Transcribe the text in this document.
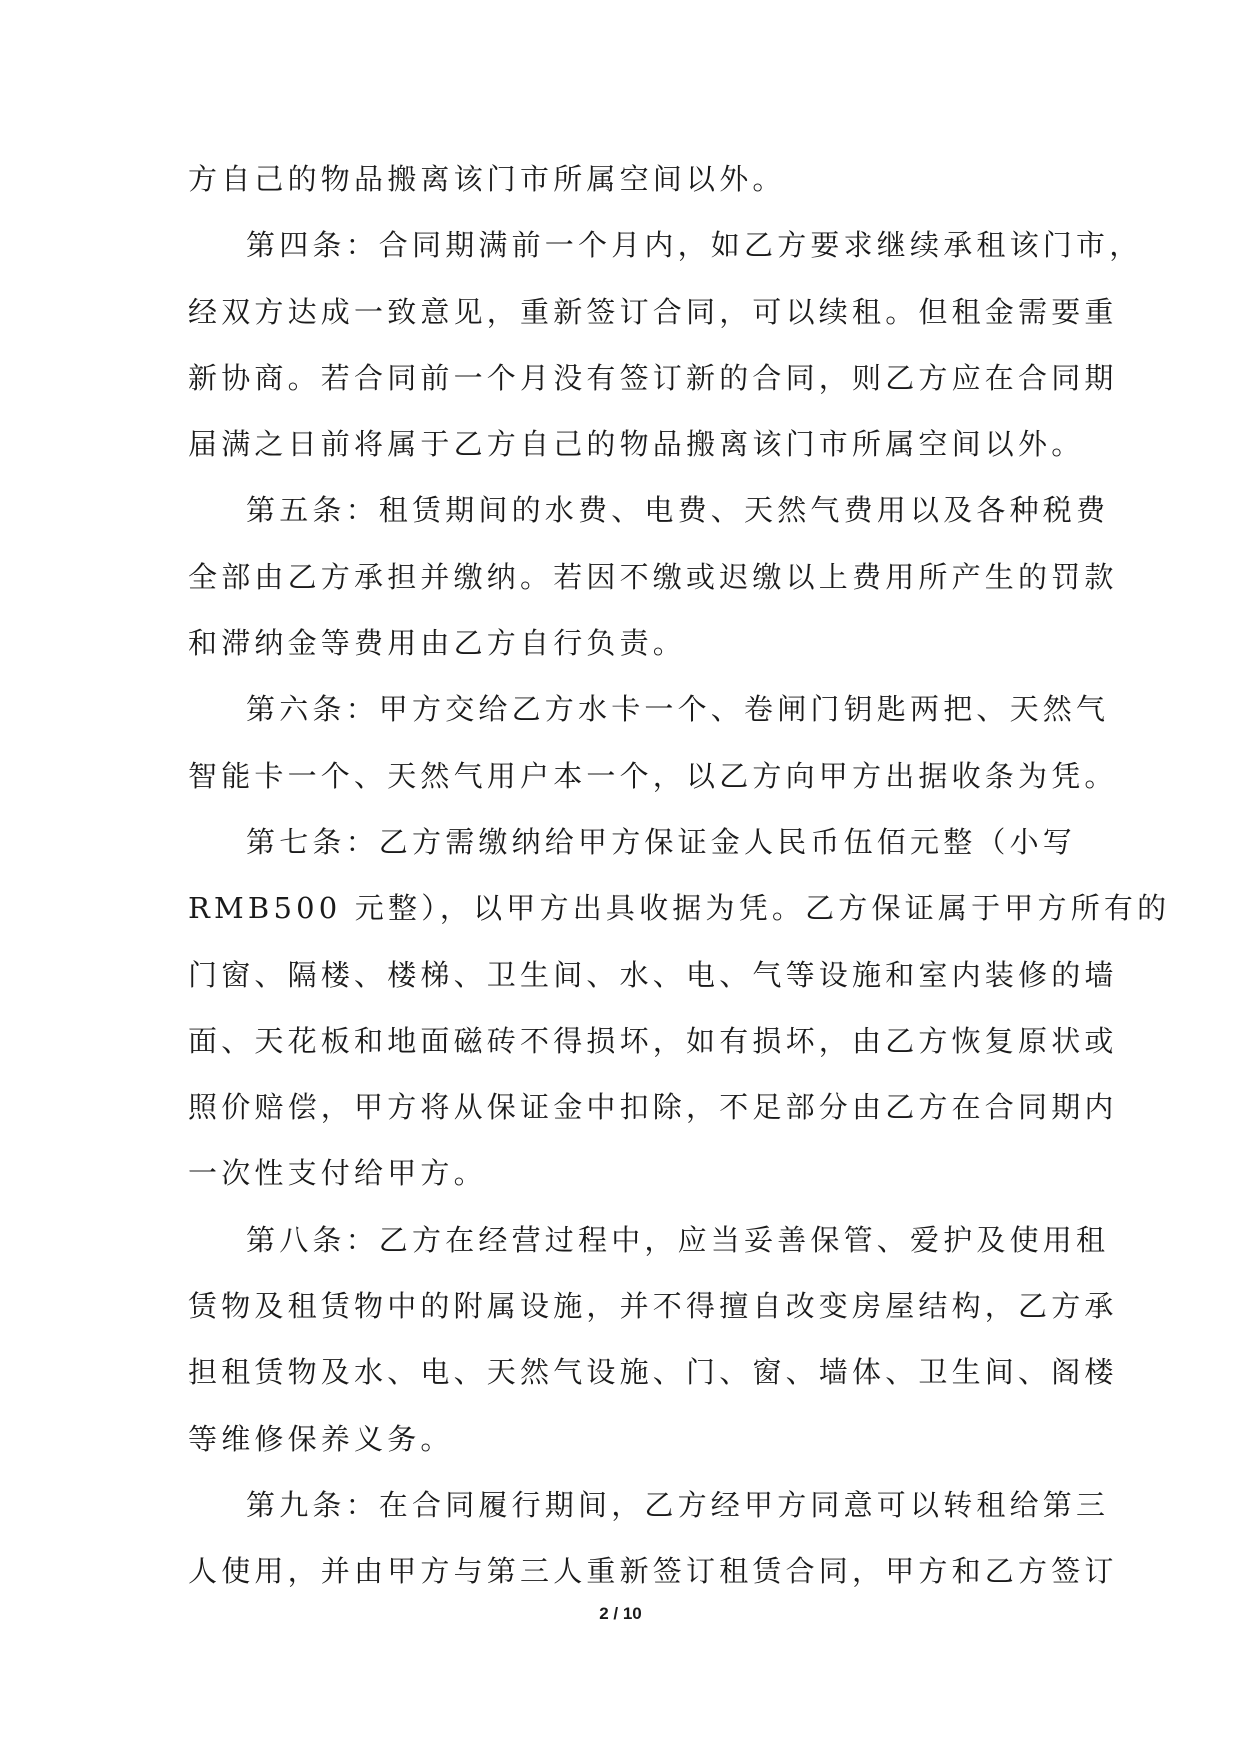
方自己的物品搬离该门市所属空间以外。
第四条：合同期满前一个月内，如乙方要求继续承租该门市，
经双方达成一致意见，重新签订合同，可以续租。但租金需要重
新协商。若合同前一个月没有签订新的合同，则乙方应在合同期
届满之日前将属于乙方自己的物品搬离该门市所属空间以外。
第五条：租赁期间的水费、电费、天然气费用以及各种税费
全部由乙方承担并缴纳。若因不缴或迟缴以上费用所产生的罚款
和滞纳金等费用由乙方自行负责。
第六条：甲方交给乙方水卡一个、卷闸门钥匙两把、天然气
智能卡一个、天然气用户本一个，以乙方向甲方出据收条为凭。
第七条：乙方需缴纳给甲方保证金人民币伍佰元整（小写
RMB500 元整），以甲方出具收据为凭。乙方保证属于甲方所有的
门窗、隔楼、楼梯、卫生间、水、电、气等设施和室内装修的墙
面、天花板和地面磁砖不得损坏，如有损坏，由乙方恢复原状或
照价赔偿，甲方将从保证金中扣除，不足部分由乙方在合同期内
一次性支付给甲方。
第八条：乙方在经营过程中，应当妥善保管、爱护及使用租
赁物及租赁物中的附属设施，并不得擅自改变房屋结构，乙方承
担租赁物及水、电、天然气设施、门、窗、墙体、卫生间、阁楼
等维修保养义务。
第九条：在合同履行期间，乙方经甲方同意可以转租给第三
人使用，并由甲方与第三人重新签订租赁合同，甲方和乙方签订
2 / 10
